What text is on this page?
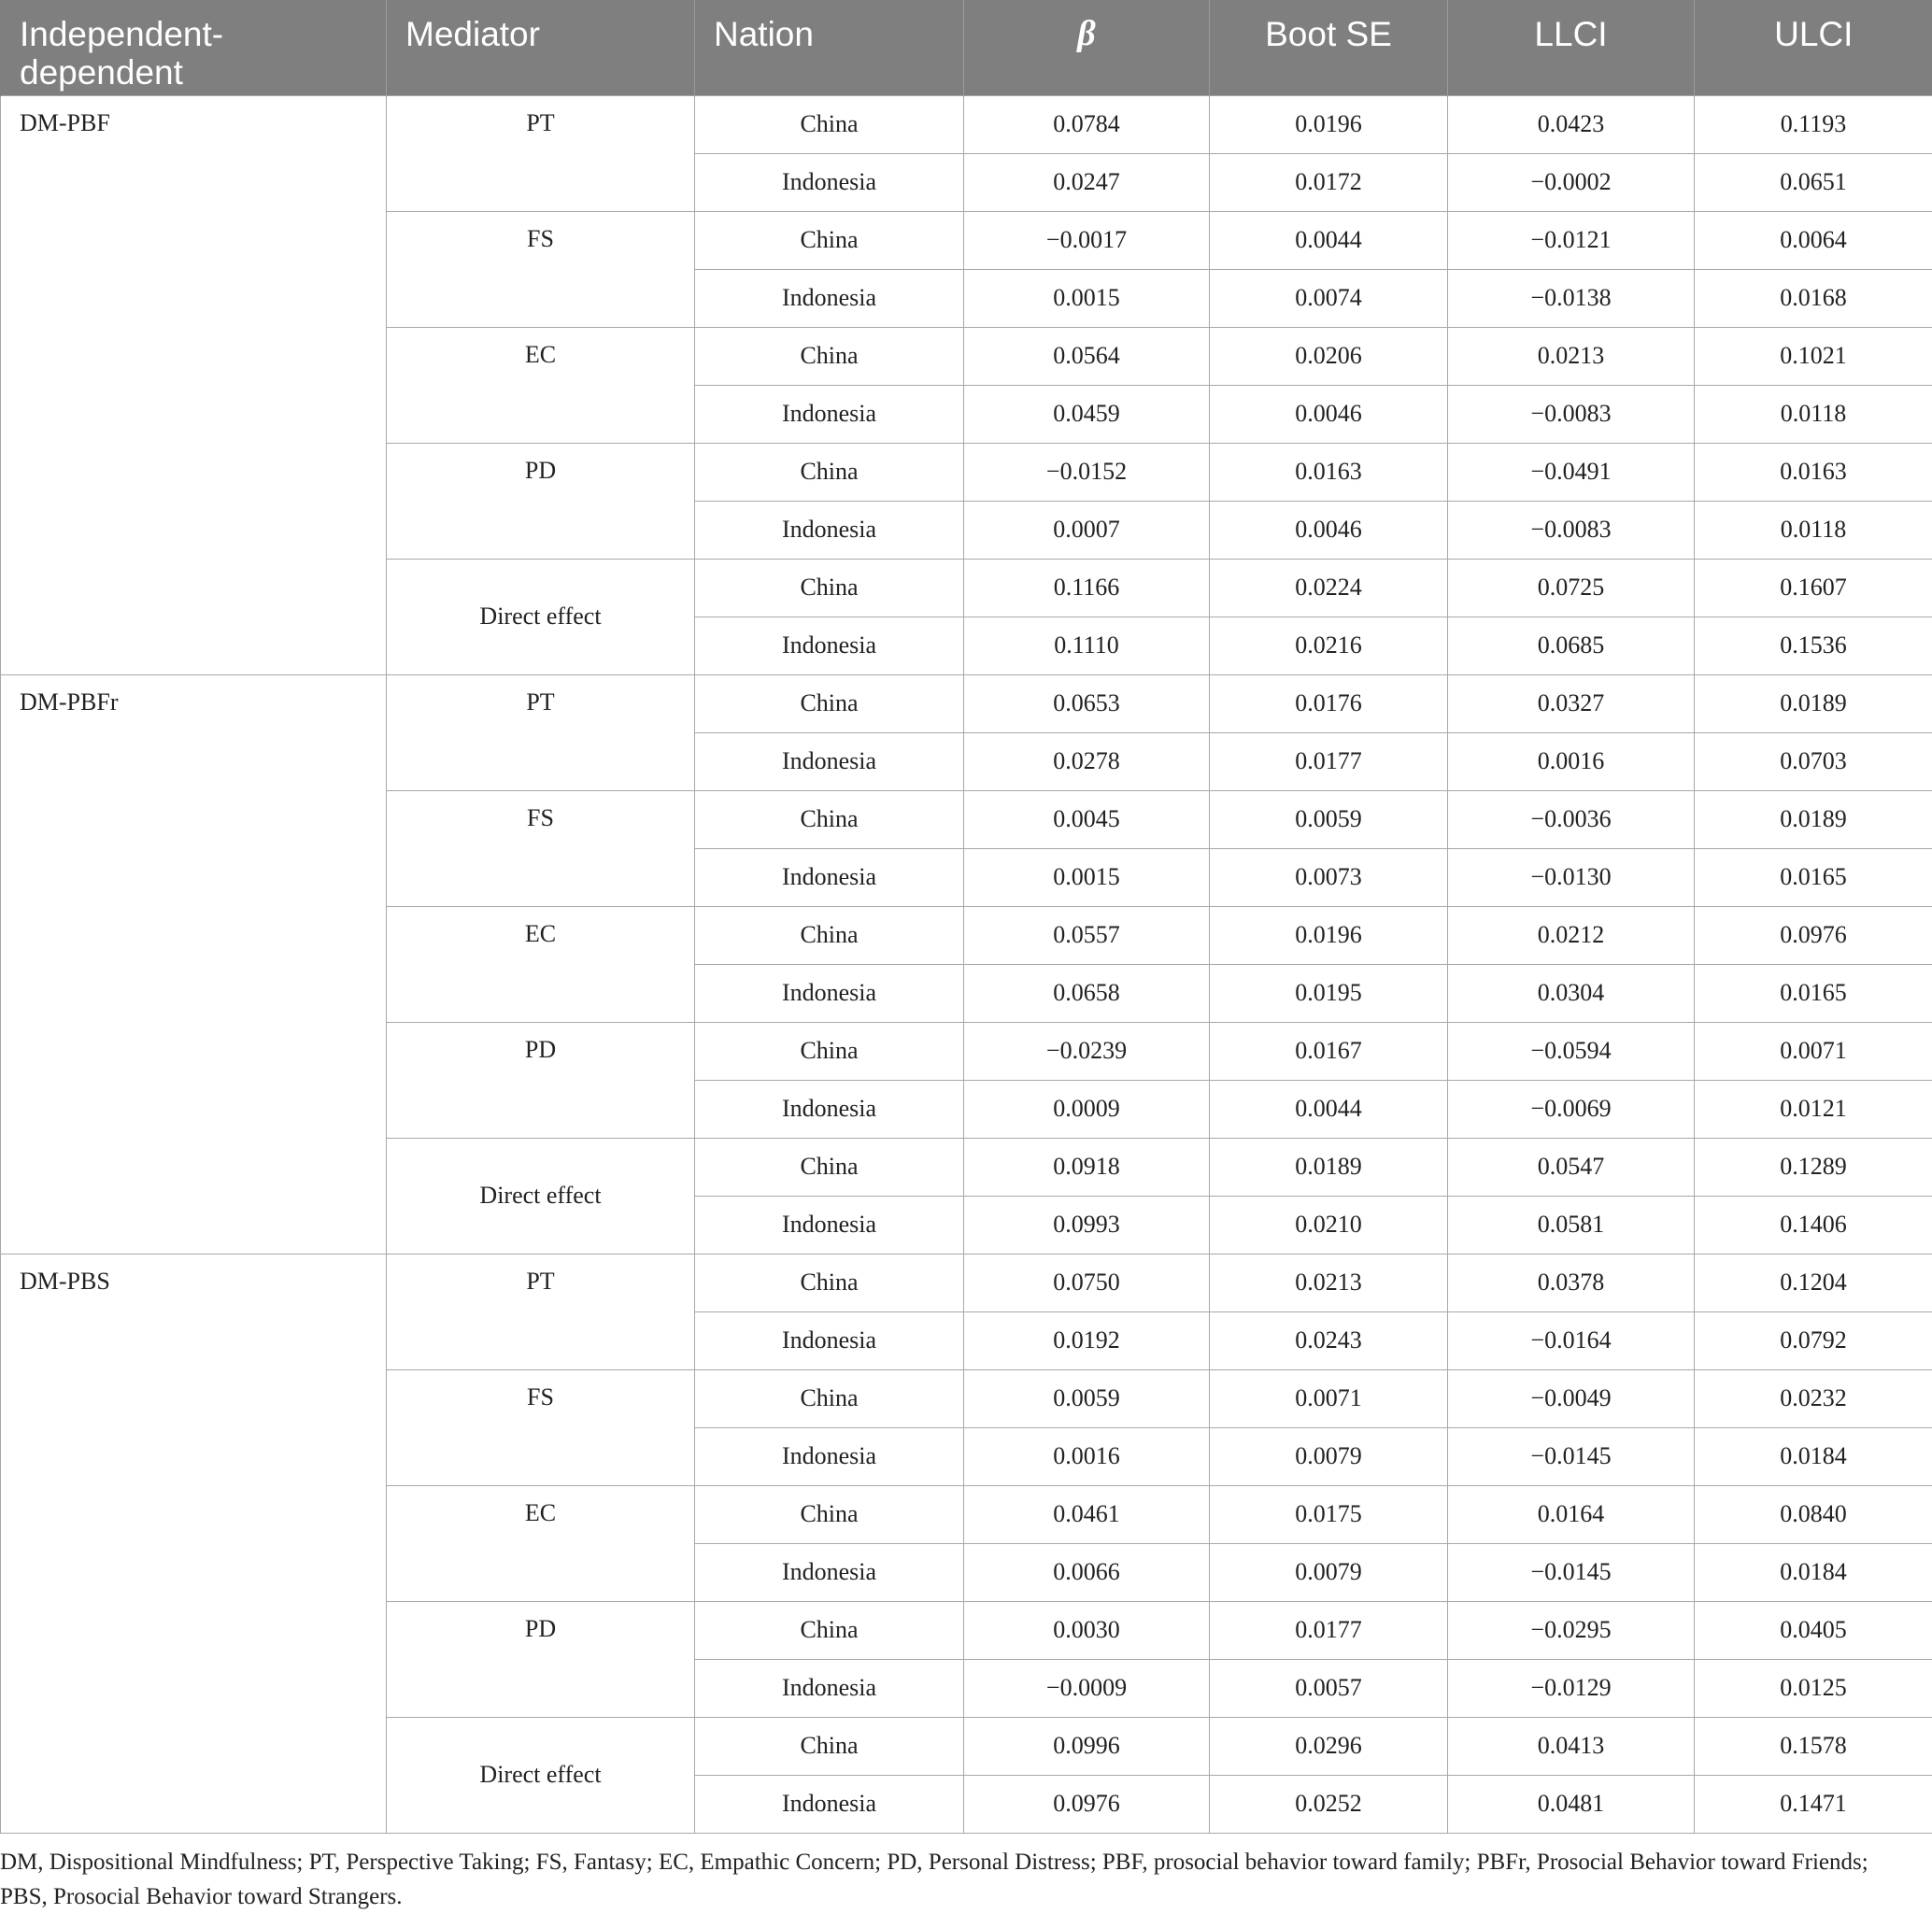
Independent-dependent	Mediator	Nation	β	Boot SE	LLCI	ULCI
DM-PBF	PT	China	0.0784	0.0196	0.0423	0.1193
		Indonesia	0.0247	0.0172	−0.0002	0.0651
	FS	China	−0.0017	0.0044	−0.0121	0.0064
		Indonesia	0.0015	0.0074	−0.0138	0.0168
	EC	China	0.0564	0.0206	0.0213	0.1021
		Indonesia	0.0459	0.0046	−0.0083	0.0118
	PD	China	−0.0152	0.0163	−0.0491	0.0163
		Indonesia	0.0007	0.0046	−0.0083	0.0118
	Direct effect	China	0.1166	0.0224	0.0725	0.1607
		Indonesia	0.1110	0.0216	0.0685	0.1536
DM-PBFr	PT	China	0.0653	0.0176	0.0327	0.0189
		Indonesia	0.0278	0.0177	0.0016	0.0703
	FS	China	0.0045	0.0059	−0.0036	0.0189
		Indonesia	0.0015	0.0073	−0.0130	0.0165
	EC	China	0.0557	0.0196	0.0212	0.0976
		Indonesia	0.0658	0.0195	0.0304	0.0165
	PD	China	−0.0239	0.0167	−0.0594	0.0071
		Indonesia	0.0009	0.0044	−0.0069	0.0121
	Direct effect	China	0.0918	0.0189	0.0547	0.1289
		Indonesia	0.0993	0.0210	0.0581	0.1406
DM-PBS	PT	China	0.0750	0.0213	0.0378	0.1204
		Indonesia	0.0192	0.0243	−0.0164	0.0792
	FS	China	0.0059	0.0071	−0.0049	0.0232
		Indonesia	0.0016	0.0079	−0.0145	0.0184
	EC	China	0.0461	0.0175	0.0164	0.0840
		Indonesia	0.0066	0.0079	−0.0145	0.0184
	PD	China	0.0030	0.0177	−0.0295	0.0405
		Indonesia	−0.0009	0.0057	−0.0129	0.0125
	Direct effect	China	0.0996	0.0296	0.0413	0.1578
		Indonesia	0.0976	0.0252	0.0481	0.1471

DM, Dispositional Mindfulness; PT, Perspective Taking; FS, Fantasy; EC, Empathic Concern; PD, Personal Distress; PBF, prosocial behavior toward family; PBFr, Prosocial Behavior toward Friends; PBS, Prosocial Behavior toward Strangers.
